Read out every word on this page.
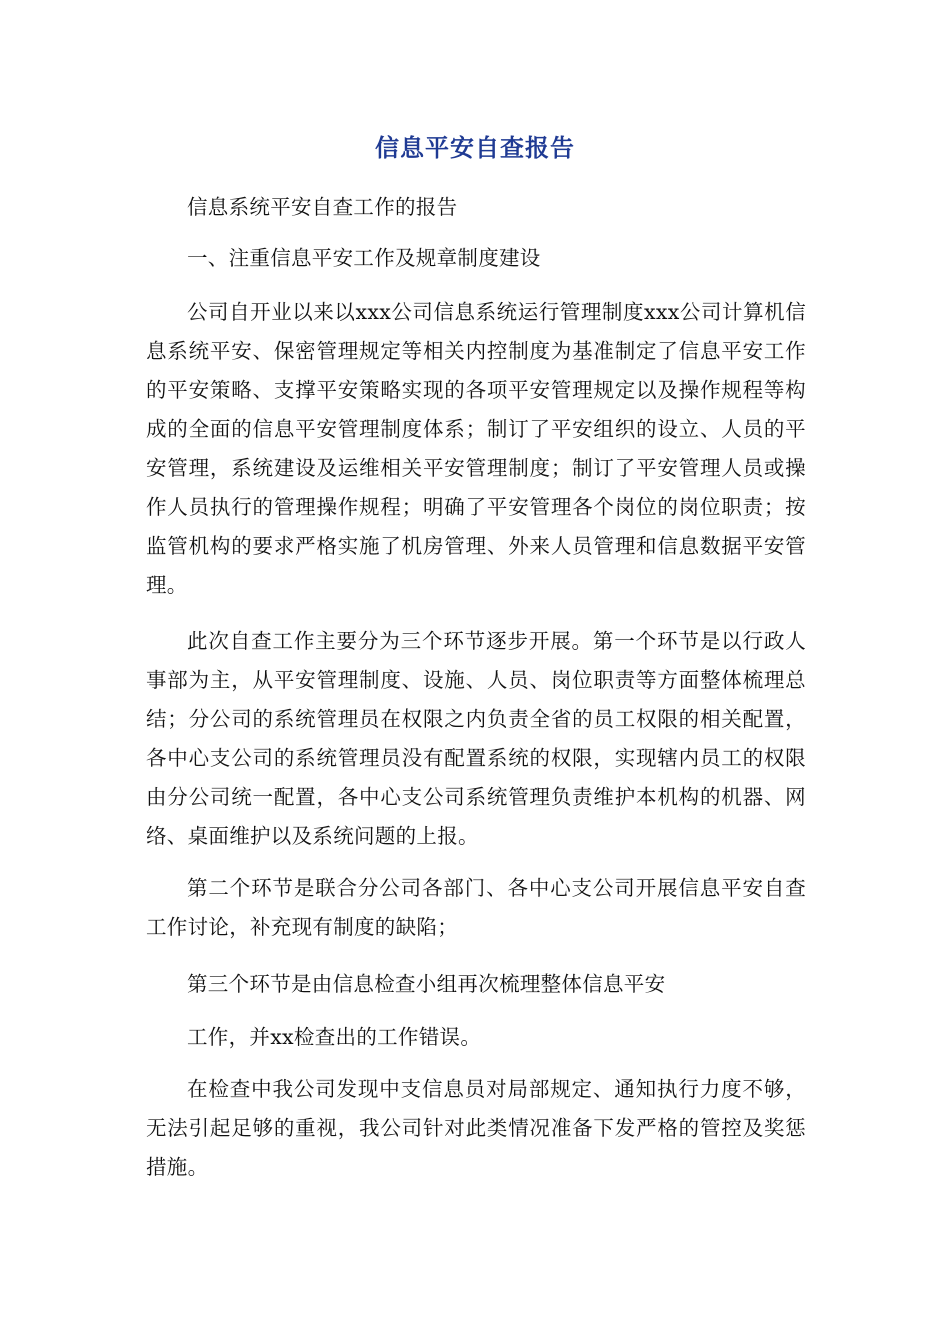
信息平安自查报告

信息系统平安自查工作的报告

一、注重信息平安工作及规章制度建设

公司自开业以来以xxx公司信息系统运行管理制度xxx公司计算机信息系统平安、保密管理规定等相关内控制度为基准制定了信息平安工作的平安策略、支撑平安策略实现的各项平安管理规定以及操作规程等构成的全面的信息平安管理制度体系；制订了平安组织的设立、人员的平安管理，系统建设及运维相关平安管理制度；制订了平安管理人员或操作人员执行的管理操作规程；明确了平安管理各个岗位的岗位职责；按监管机构的要求严格实施了机房管理、外来人员管理和信息数据平安管理。

此次自查工作主要分为三个环节逐步开展。第一个环节是以行政人事部为主，从平安管理制度、设施、人员、岗位职责等方面整体梳理总结；分公司的系统管理员在权限之内负责全省的员工权限的相关配置，各中心支公司的系统管理员没有配置系统的权限，实现辖内员工的权限由分公司统一配置，各中心支公司系统管理负责维护本机构的机器、网络、桌面维护以及系统问题的上报。

第二个环节是联合分公司各部门、各中心支公司开展信息平安自查工作讨论，补充现有制度的缺陷；

第三个环节是由信息检查小组再次梳理整体信息平安

工作，并xx检查出的工作错误。

在检查中我公司发现中支信息员对局部规定、通知执行力度不够，无法引起足够的重视，我公司针对此类情况准备下发严格的管控及奖惩措施。
